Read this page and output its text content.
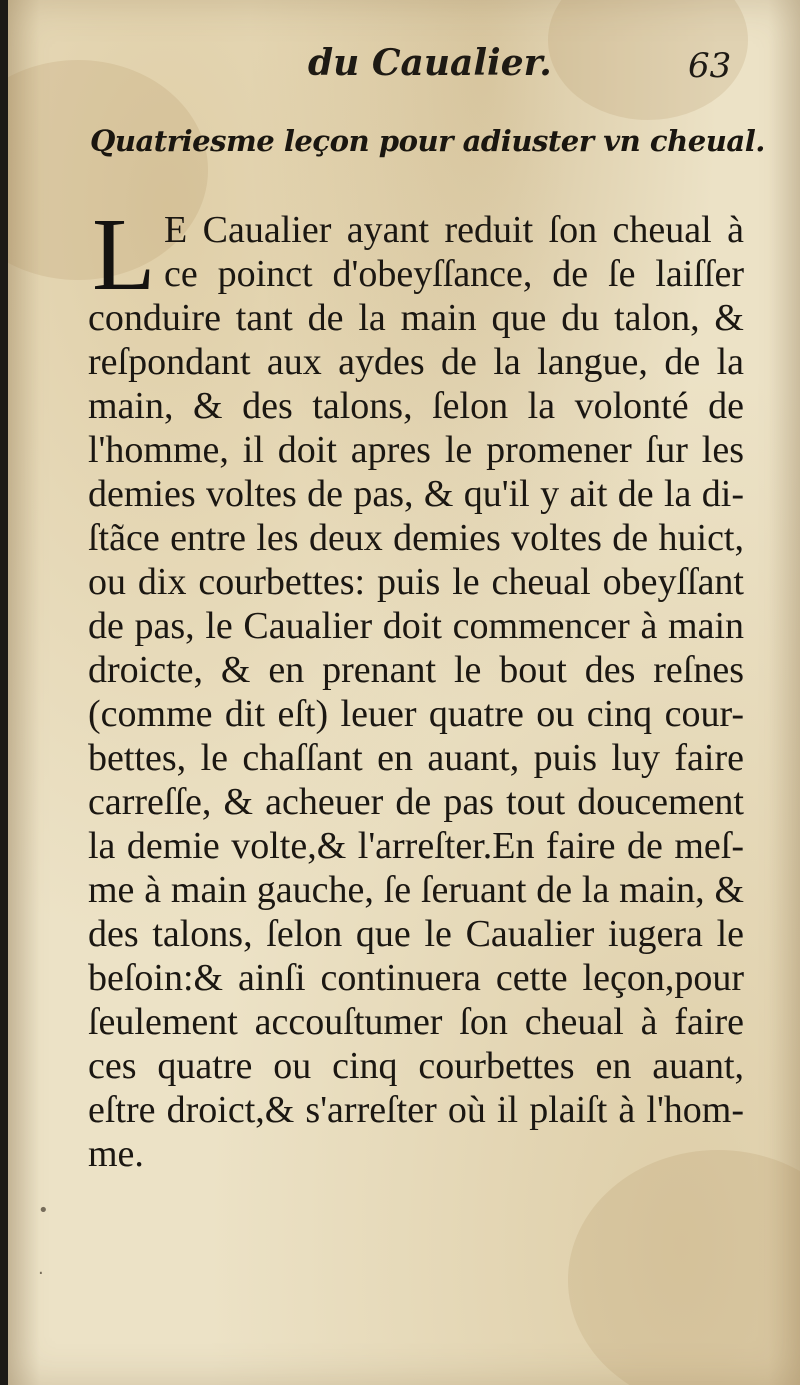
du Caualier.	63
Quatriesme leçon pour adiuster vn cheual.
L E Caualier ayant reduit ſon cheual à
ce poinct d'obeyſſance, de ſe laiſſer
conduire tant de la main que du talon, &
reſpondant aux aydes de la langue, de la
main, & des talons, ſelon la volonté de
l'homme, il doit apres le promener ſur les
demies voltes de pas, & qu'il y ait de la di-
ſtãce entre les deux demies voltes de huict,
ou dix courbettes: puis le cheual obeyſſant
de pas, le Caualier doit commencer à main
droicte, & en prenant le bout des reſnes
(comme dit eſt) leuer quatre ou cinq cour-
bettes, le chaſſant en auant, puis luy faire
carreſſe, & acheuer de pas tout doucement
la demie volte,& l'arreſter.En faire de meſ-
me à main gauche, ſe ſeruant de la main, &
des talons, ſelon que le Caualier iugera le
beſoin:& ainſi continuera cette leçon,pour
ſeulement accouſtumer ſon cheual à faire
ces quatre ou cinq courbettes en auant,
eſtre droict,& s'arreſter où il plaiſt à l'hom-
me.
•

·
